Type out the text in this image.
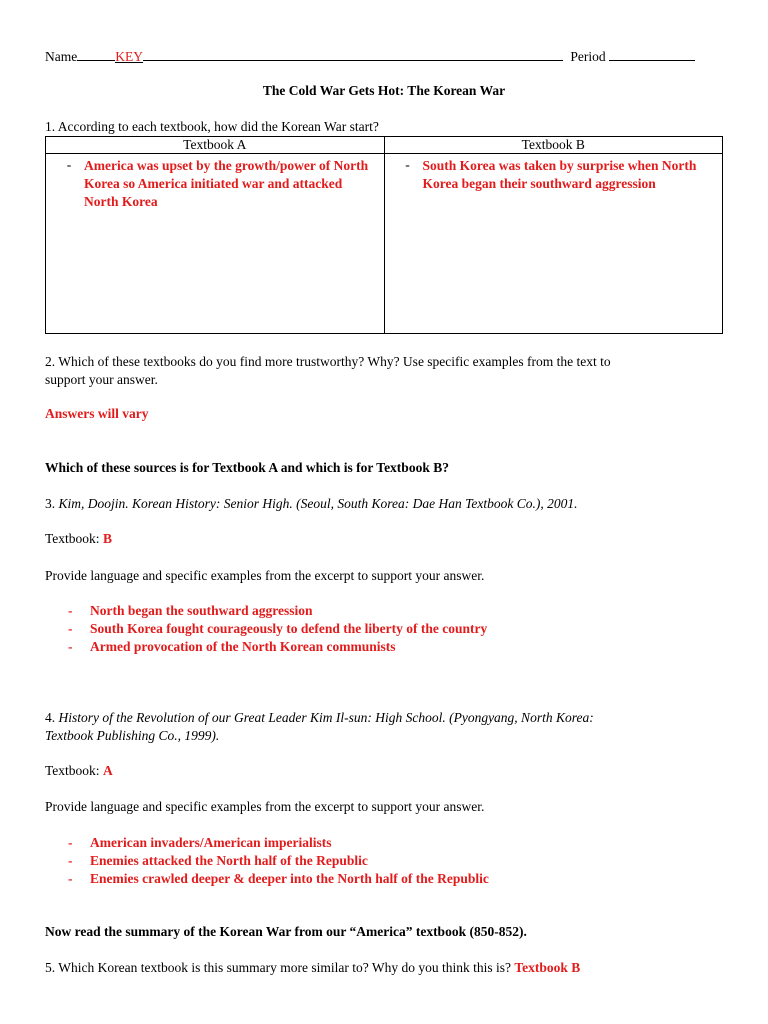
Name	KEY	Period
The Cold War Gets Hot: The Korean War
1. According to each textbook, how did the Korean War start?
Textbook A	Textbook B

- America was upset by the growth/power of North Korea so America initiated war and attacked North Korea	- South Korea was taken by surprise when North Korea began their southward aggression
2. Which of these textbooks do you find more trustworthy? Why? Use specific examples from the text to
support your answer.
Answers will vary
Which of these sources is for Textbook A and which is for Textbook B?
3. Kim, Doojin. Korean History: Senior High. (Seoul, South Korea: Dae Han Textbook Co.), 2001.
Textbook: B
Provide language and specific examples from the excerpt to support your answer.
- North began the southward aggression
- South Korea fought courageously to defend the liberty of the country
- Armed provocation of the North Korean communists
4. History of the Revolution of our Great Leader Kim Il-sun: High School. (Pyongyang, North Korea:
Textbook Publishing Co., 1999).
Textbook: A
Provide language and specific examples from the excerpt to support your answer.
- American invaders/American imperialists
- Enemies attacked the North half of the Republic
- Enemies crawled deeper & deeper into the North half of the Republic
Now read the summary of the Korean War from our “America” textbook (850-852).
5. Which Korean textbook is this summary more similar to? Why do you think this is? Textbook B
